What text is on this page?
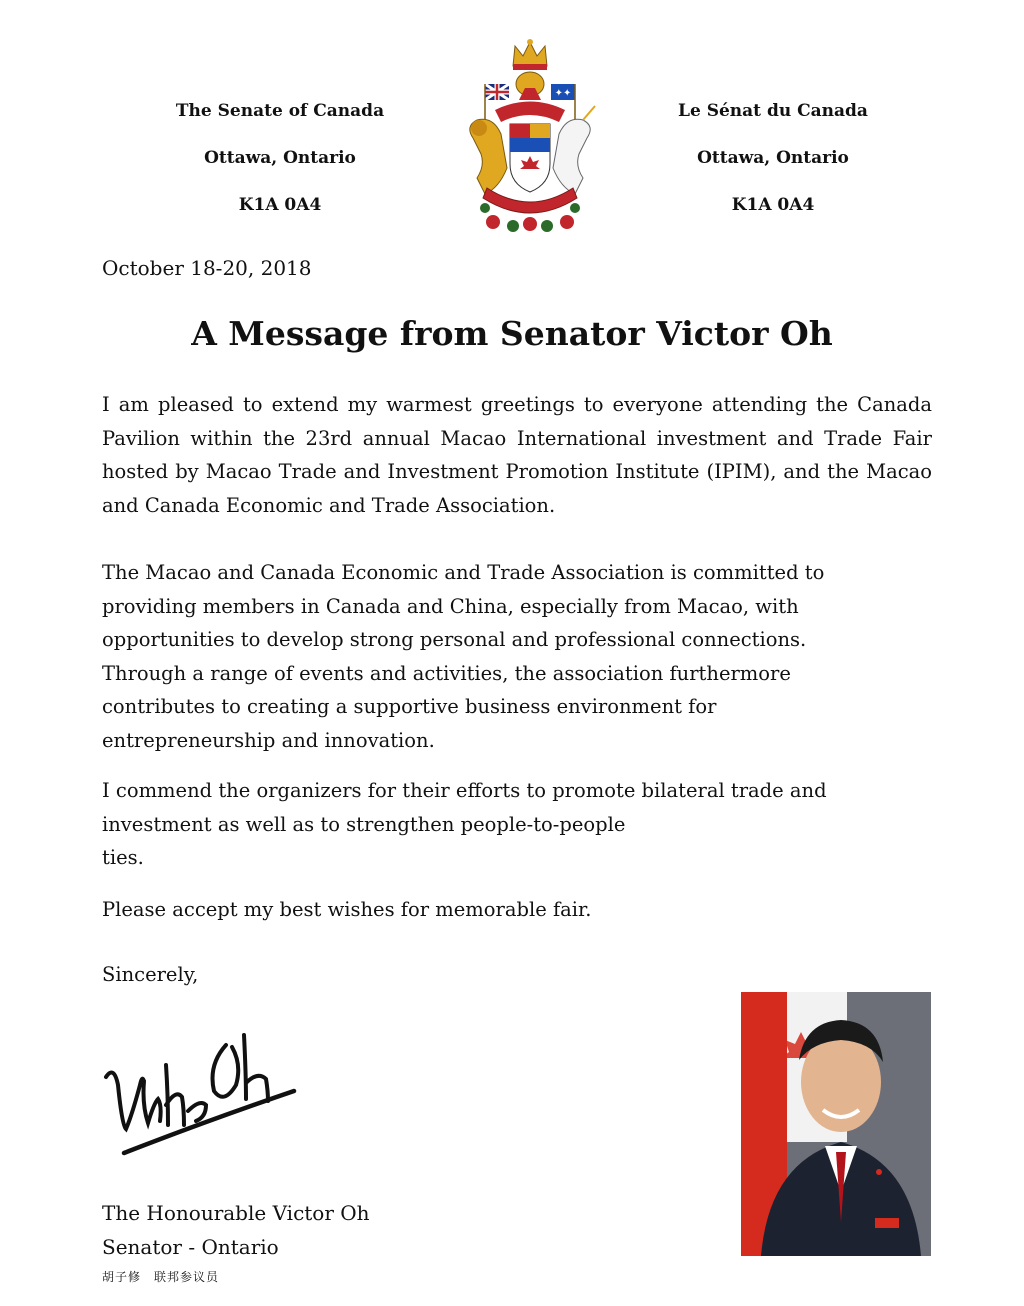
The Senate of Canada
Ottawa, Ontario
K1A 0A4
✦✦
Le Sénat du Canada
Ottawa, Ontario
K1A 0A4
October 18-20, 2018
A Message from Senator Victor Oh
I am pleased to extend my warmest greetings to everyone attending the Canada Pavilion within the 23rd annual Macao International investment and Trade Fair hosted by Macao Trade and Investment Promotion Institute (IPIM), and the Macao and Canada Economic and Trade Association.
The Macao and Canada Economic and Trade Association is committed to
providing members in Canada and China, especially from Macao, with
opportunities to develop strong personal and professional connections.
Through a range of events and activities, the association furthermore
contributes to creating a supportive business environment for
entrepreneurship and innovation.
I commend the organizers for their efforts to promote bilateral trade and
investment as well as to strengthen people-to-people
ties.
Please accept my best wishes for memorable fair.
Sincerely,
The Honourable Victor Oh
Senator - Ontario
胡子修　联邦参议员
